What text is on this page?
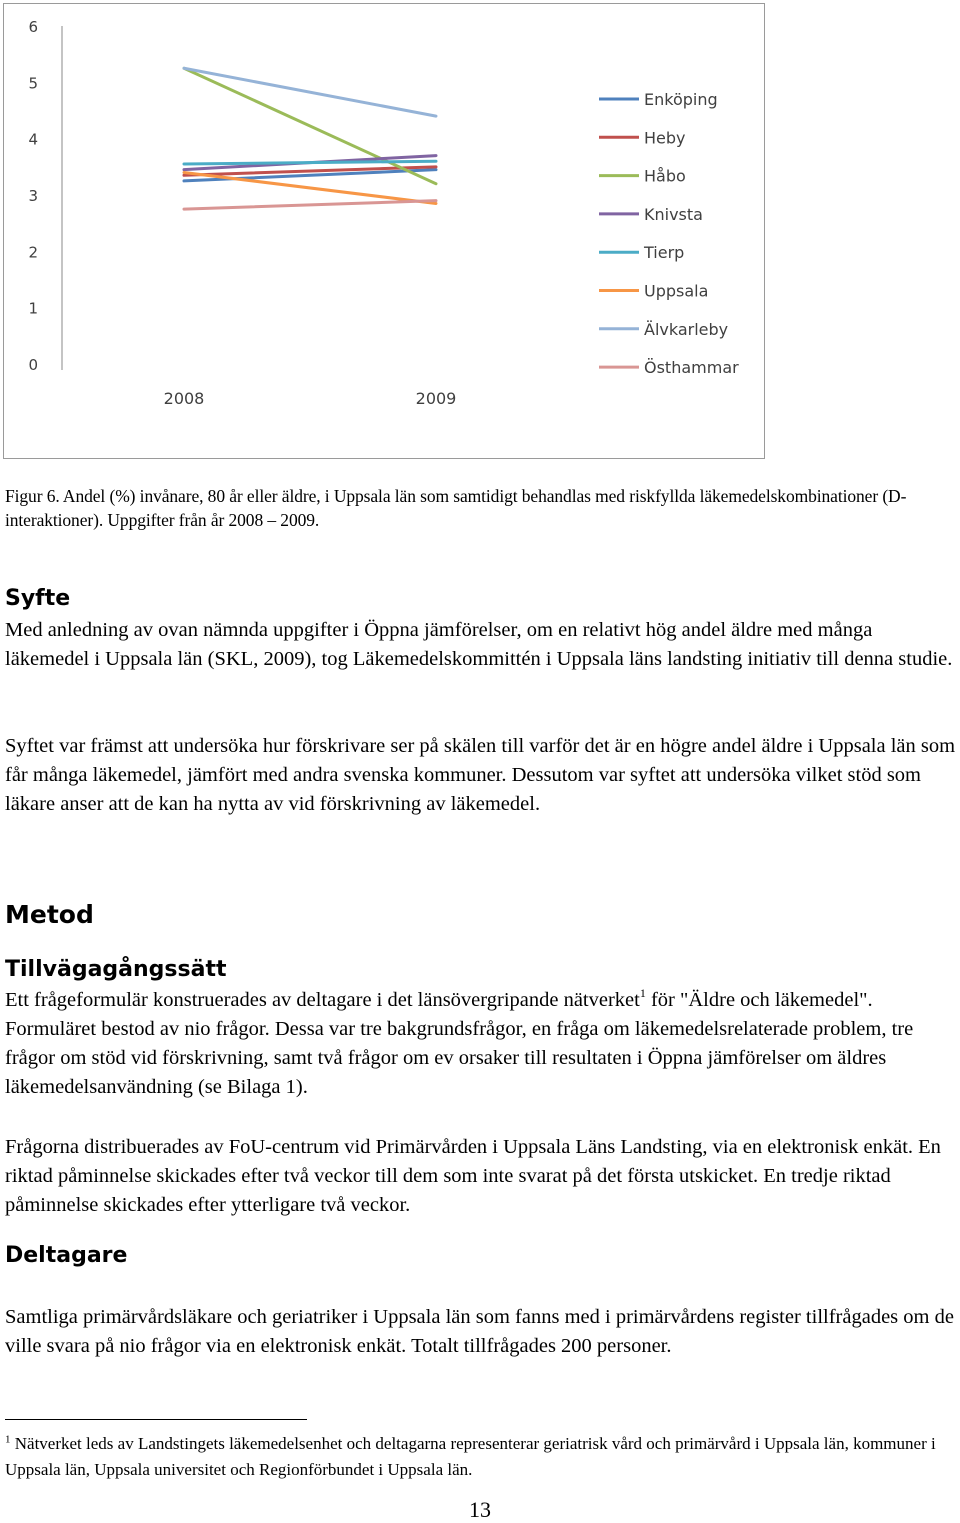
0
1
2
3
4
5
6
2008	2009
Enköping
Heby
Håbo
Knivsta
Tierp
Uppsala
Älvkarleby
Östhammar
Figur 6. Andel (%) invånare, 80 år eller äldre, i Uppsala län som samtidigt behandlas med riskfyllda läkemedelskombinationer (D-interaktioner). Uppgifter från år 2008 – 2009.
Syfte

Med anledning av ovan nämnda uppgifter i Öppna jämförelser, om en relativt hög andel äldre med många läkemedel i Uppsala län (SKL, 2009), tog Läkemedelskommittén i Uppsala läns landsting initiativ till denna studie.

Syftet var främst att undersöka hur förskrivare ser på skälen till varför det är en högre andel äldre i Uppsala län som får många läkemedel, jämfört med andra svenska kommuner. Dessutom var syftet att undersöka vilket stöd som läkare anser att de kan ha nytta av vid förskrivning av läkemedel.

Metod
Tillvägagångssätt

Ett frågeformulär konstruerades av deltagare i det länsövergripande nätverket$^1$ för "Äldre och läkemedel". Formuläret bestod av nio frågor. Dessa var tre bakgrundsfrågor, en fråga om läkemedelsrelaterade problem, tre frågor om stöd vid förskrivning, samt två frågor om ev orsaker till resultaten i Öppna jämförelser om äldres läkemedelsanvändning (se Bilaga 1).

Frågorna distribuerades av FoU-centrum vid Primärvården i Uppsala Läns Landsting, via en elektronisk enkät. En riktad påminnelse skickades efter två veckor till dem som inte svarat på det första utskicket. En tredje riktad påminnelse skickades efter ytterligare två veckor.

Deltagare

Samtliga primärvårdsläkare och geriatriker i Uppsala län som fanns med i primärvårdens register tillfrågades om de ville svara på nio frågor via en elektronisk enkät. Totalt tillfrågades 200 personer.

$^1$ Nätverket leds av Landstingets läkemedelsenhet och deltagarna representerar geriatrisk vård och primärvård i Uppsala län, kommuner i Uppsala län, Uppsala universitet och Regionförbundet i Uppsala län.
13
